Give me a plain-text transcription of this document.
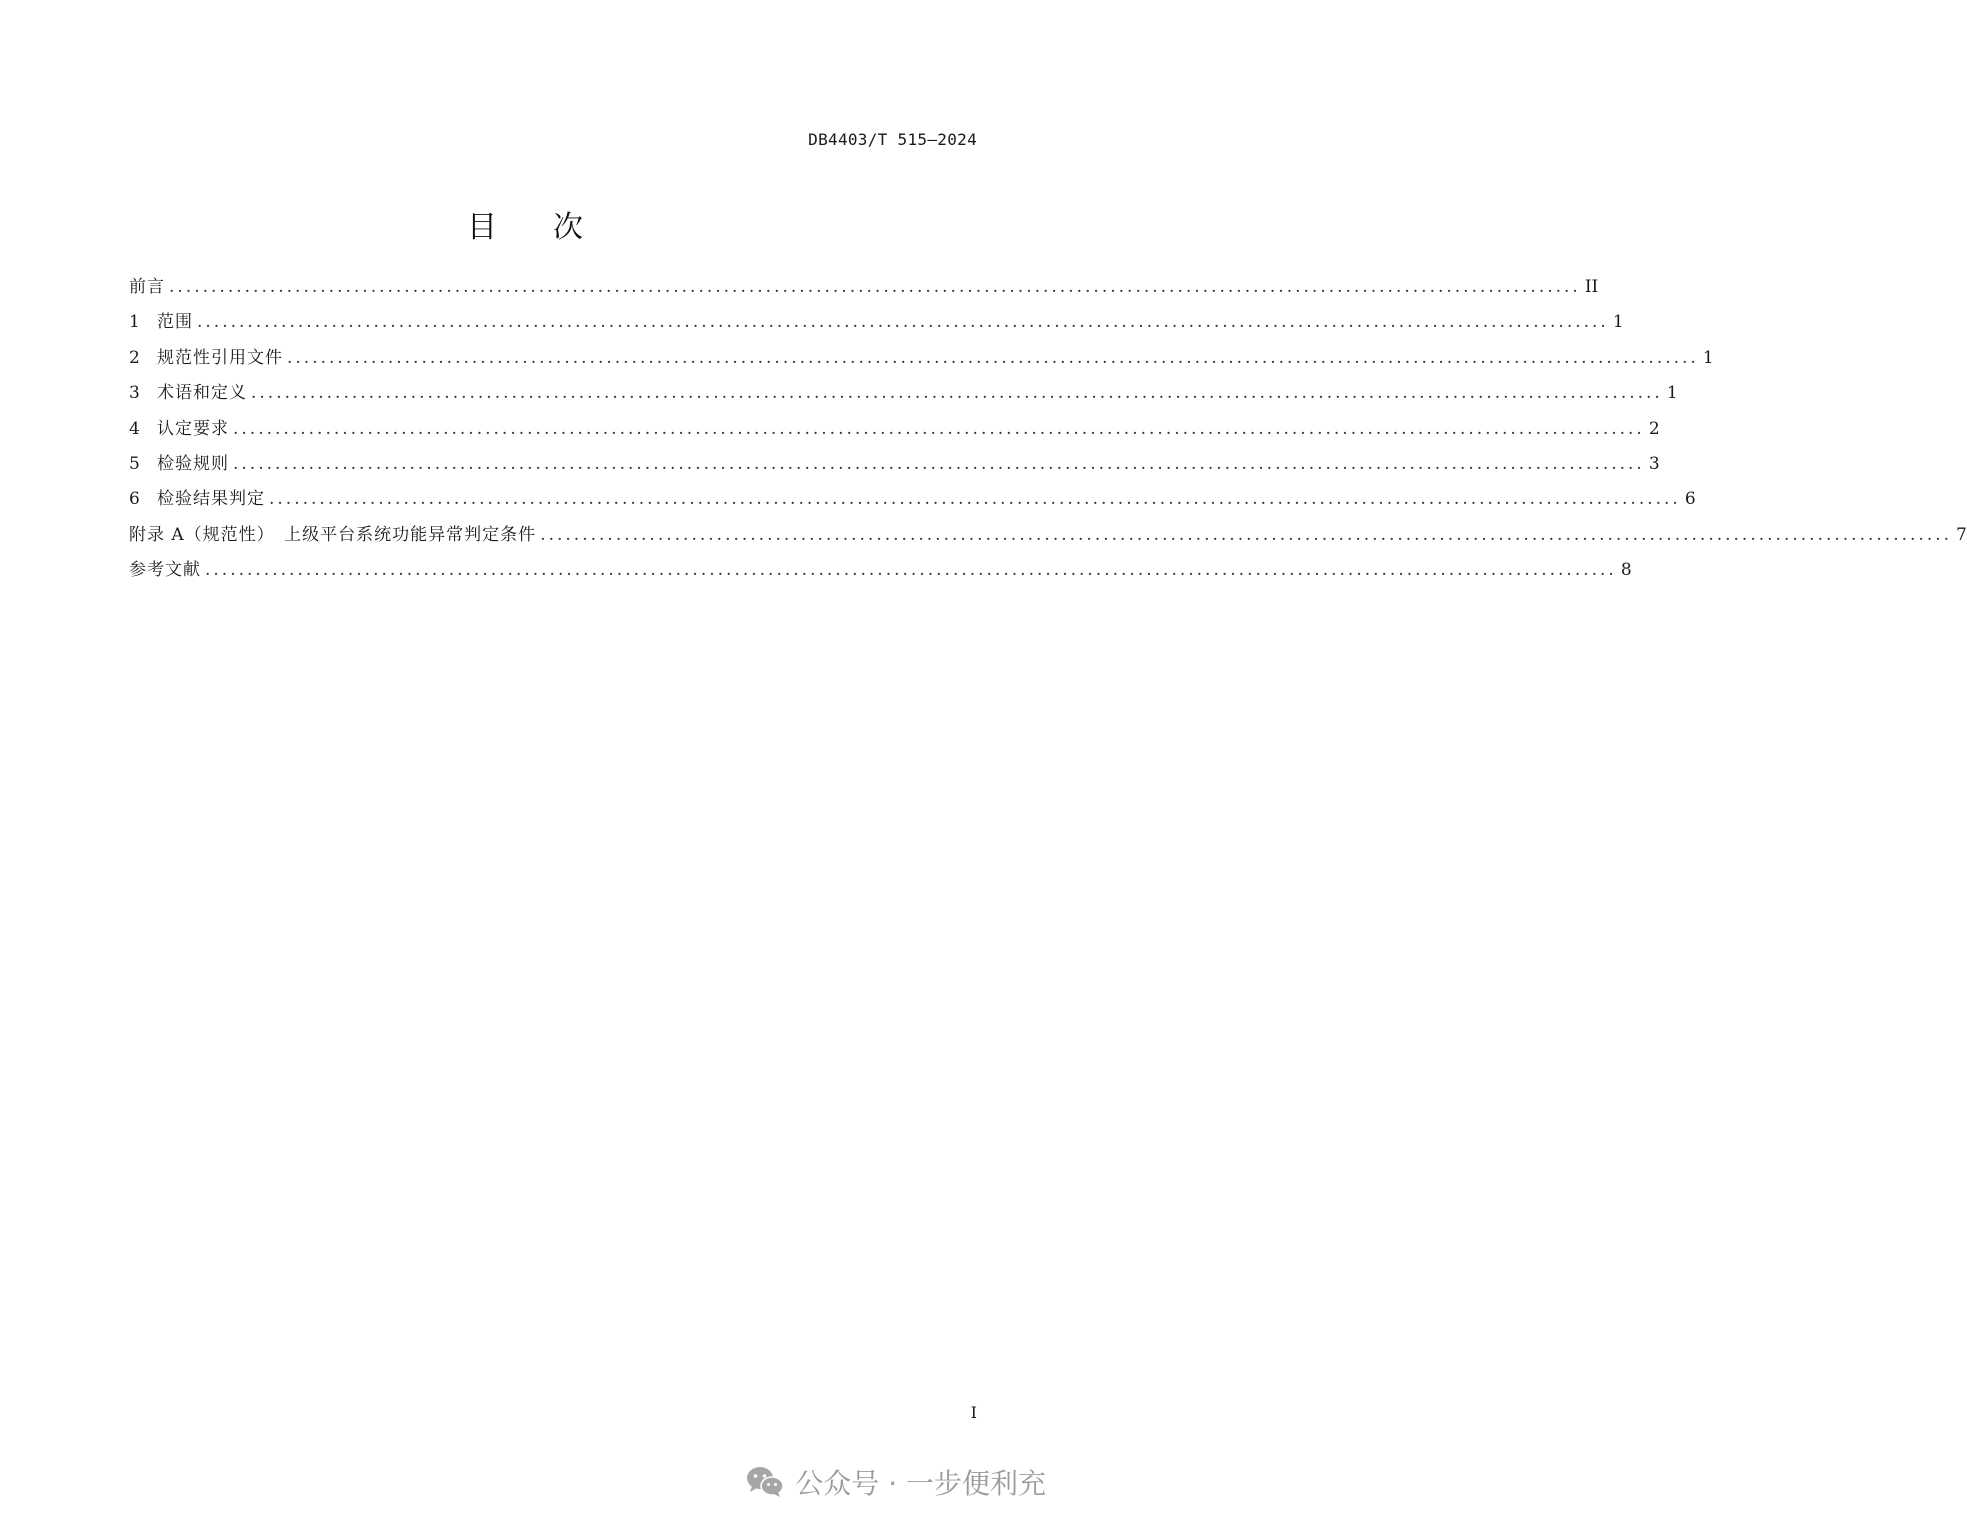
DB4403/T 515—2024
目次
前言 ........................................................................................................................................................................ II
1	范围 ........................................................................................................................................................................ 1
2	规范性引用文件 ........................................................................................................................................................................ 1
3	术语和定义 ........................................................................................................................................................................ 1
4	认定要求 ........................................................................................................................................................................ 2
5	检验规则 ........................................................................................................................................................................ 3
6	检验结果判定 ........................................................................................................................................................................ 6
附录 A（规范性）　上级平台系统功能异常判定条件 ........................................................................................................................................................................ 7
参考文献 ........................................................................................................................................................................ 8
I
公众号 · 一步便利充
